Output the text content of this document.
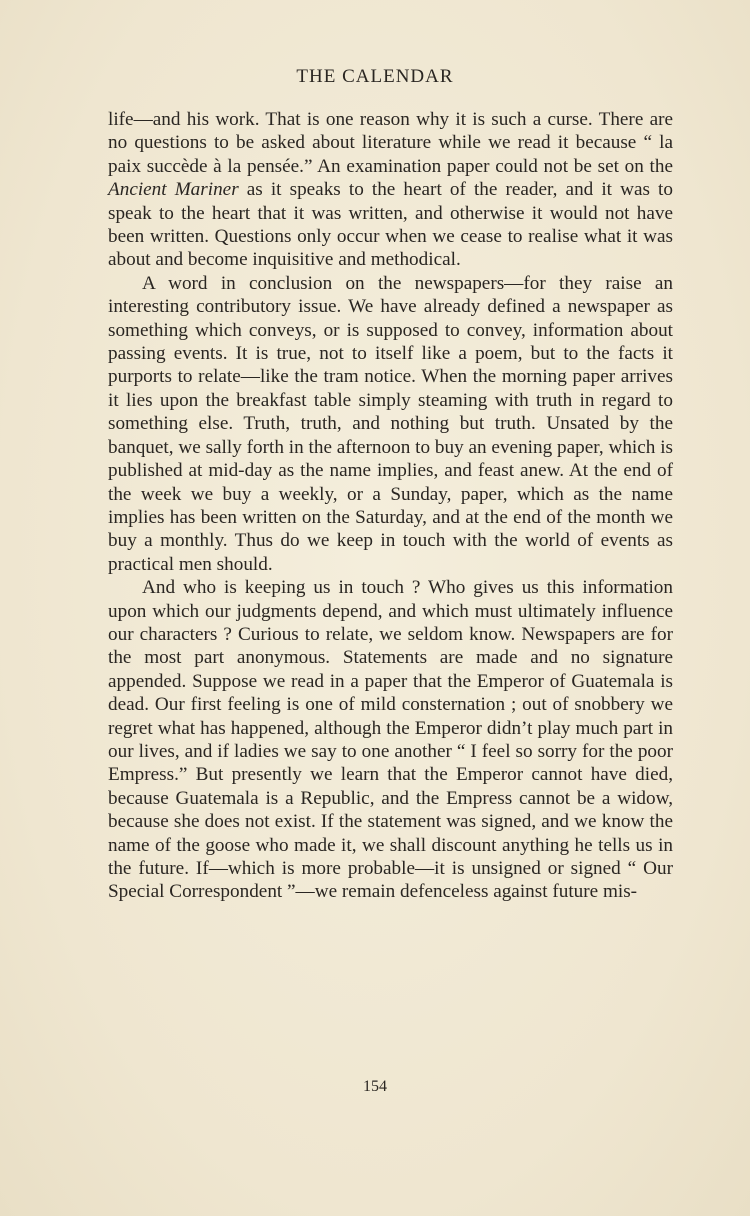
THE CALENDAR

life—and his work. That is one reason why it is such a curse. There are no questions to be asked about literature while we read it because “ la paix succède à la pensée.” An examination paper could not be set on the Ancient Mariner as it speaks to the heart of the reader, and it was to speak to the heart that it was written, and otherwise it would not have been written. Questions only occur when we cease to realise what it was about and become inquisitive and methodical.

A word in conclusion on the newspapers—for they raise an interesting contributory issue. We have already defined a newspaper as something which conveys, or is supposed to convey, information about passing events. It is true, not to itself like a poem, but to the facts it purports to relate—like the tram notice. When the morning paper arrives it lies upon the breakfast table simply steaming with truth in regard to something else. Truth, truth, and nothing but truth. Unsated by the banquet, we sally forth in the afternoon to buy an evening paper, which is published at mid-day as the name implies, and feast anew. At the end of the week we buy a weekly, or a Sunday, paper, which as the name implies has been written on the Saturday, and at the end of the month we buy a monthly. Thus do we keep in touch with the world of events as practical men should.

And who is keeping us in touch ? Who gives us this information upon which our judgments depend, and which must ultimately influence our characters ? Curious to relate, we seldom know. Newspapers are for the most part anonymous. Statements are made and no signature appended. Suppose we read in a paper that the Emperor of Guatemala is dead. Our first feeling is one of mild consternation ; out of snobbery we regret what has happened, although the Emperor didn’t play much part in our lives, and if ladies we say to one another “ I feel so sorry for the poor Empress.” But presently we learn that the Emperor cannot have died, because Guatemala is a Republic, and the Empress cannot be a widow, because she does not exist. If the statement was signed, and we know the name of the goose who made it, we shall discount anything he tells us in the future. If—which is more probable—it is unsigned or signed “ Our Special Correspondent ”—we remain defenceless against future mis-

154
